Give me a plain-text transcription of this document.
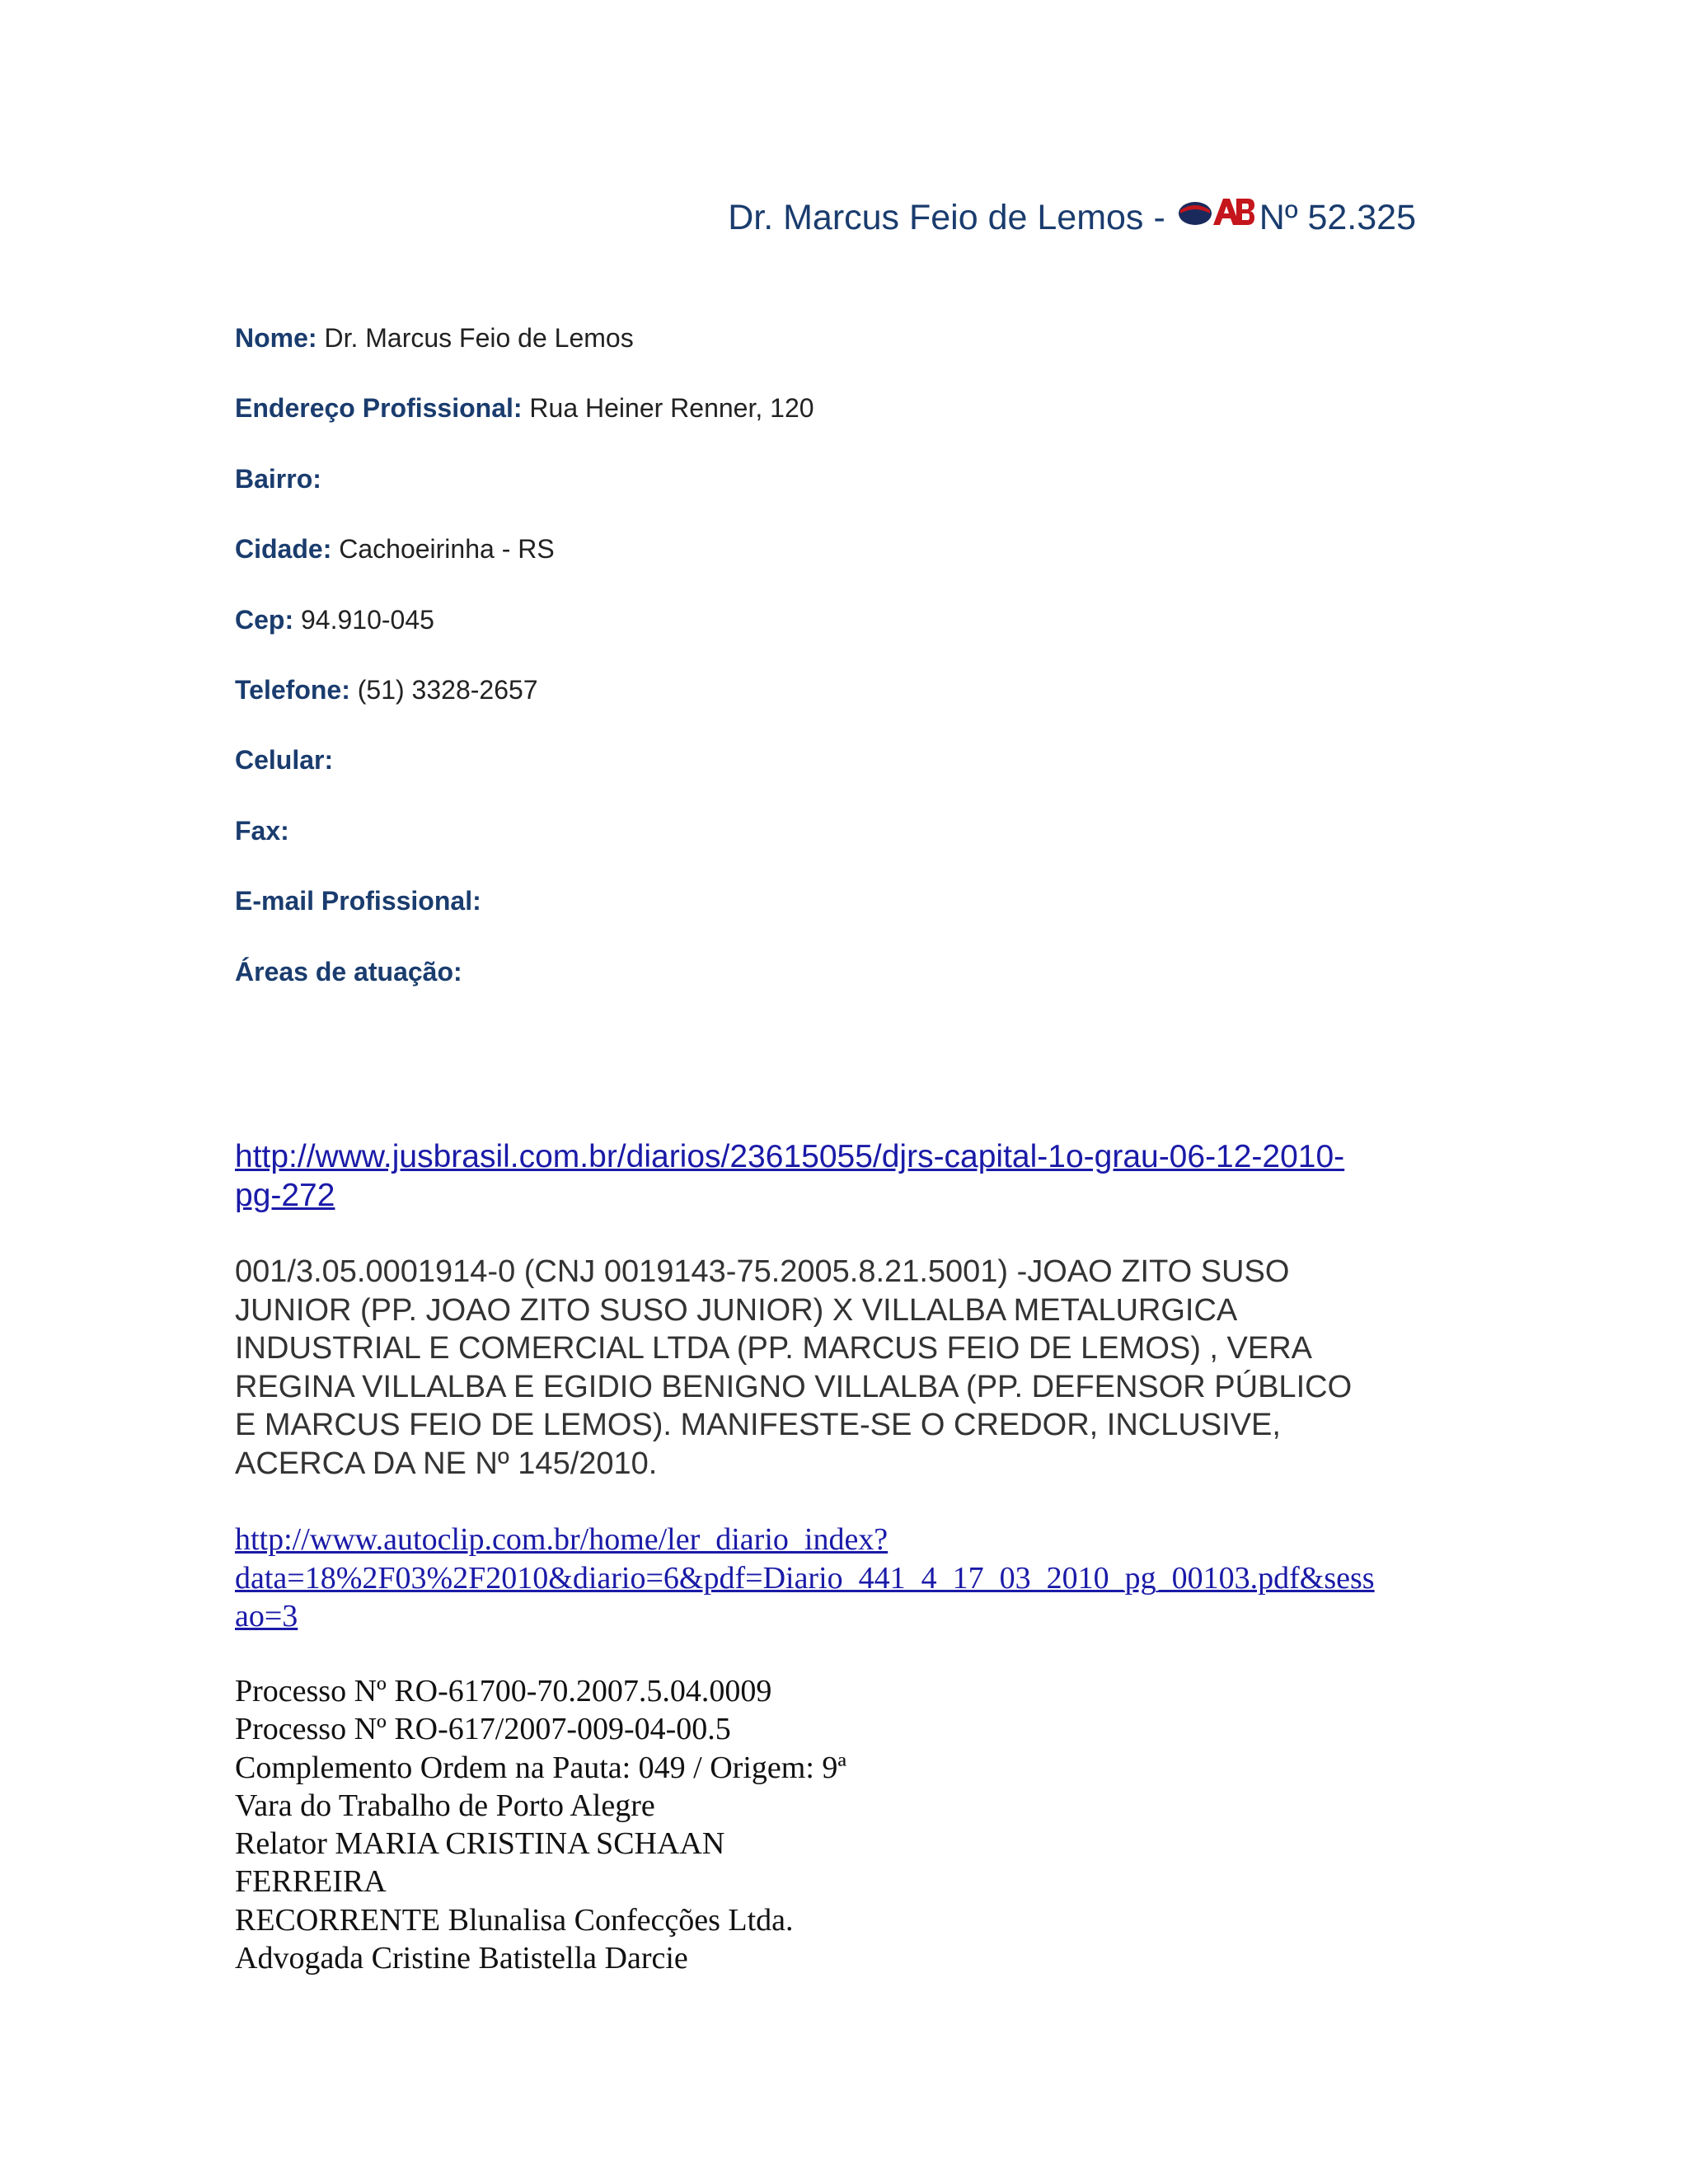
Dr. Marcus Feio de Lemos -	Nº 52.325
Nome: Dr. Marcus Feio de Lemos
Endereço Profissional: Rua Heiner Renner, 120
Bairro:
Cidade: Cachoeirinha - RS
Cep: 94.910-045
Telefone: (51) 3328-2657
Celular:
Fax:
E-mail Profissional:
Áreas de atuação:
http://www.jusbrasil.com.br/diarios/23615055/djrs-capital-1o-grau-06-12-2010-
pg-272
001/3.05.0001914-0 (CNJ 0019143-75.2005.8.21.5001) -JOAO ZITO SUSO
JUNIOR (PP. JOAO ZITO SUSO JUNIOR) X VILLALBA METALURGICA
INDUSTRIAL E COMERCIAL LTDA (PP. MARCUS FEIO DE LEMOS) , VERA
REGINA VILLALBA E EGIDIO BENIGNO VILLALBA (PP. DEFENSOR PÚBLICO
E MARCUS FEIO DE LEMOS). MANIFESTE-SE O CREDOR, INCLUSIVE,
ACERCA DA NE Nº 145/2010.
http://www.autoclip.com.br/home/ler_diario_index?
data=18%2F03%2F2010&diario=6&pdf=Diario_441_4_17_03_2010_pg_00103.pdf&sess
ao=3
Processo Nº RO-61700-70.2007.5.04.0009
Processo Nº RO-617/2007-009-04-00.5
Complemento Ordem na Pauta: 049 / Origem: 9ª
Vara do Trabalho de Porto Alegre
Relator MARIA CRISTINA SCHAAN
FERREIRA
RECORRENTE Blunalisa Confecções Ltda.
Advogada Cristine Batistella Darcie
